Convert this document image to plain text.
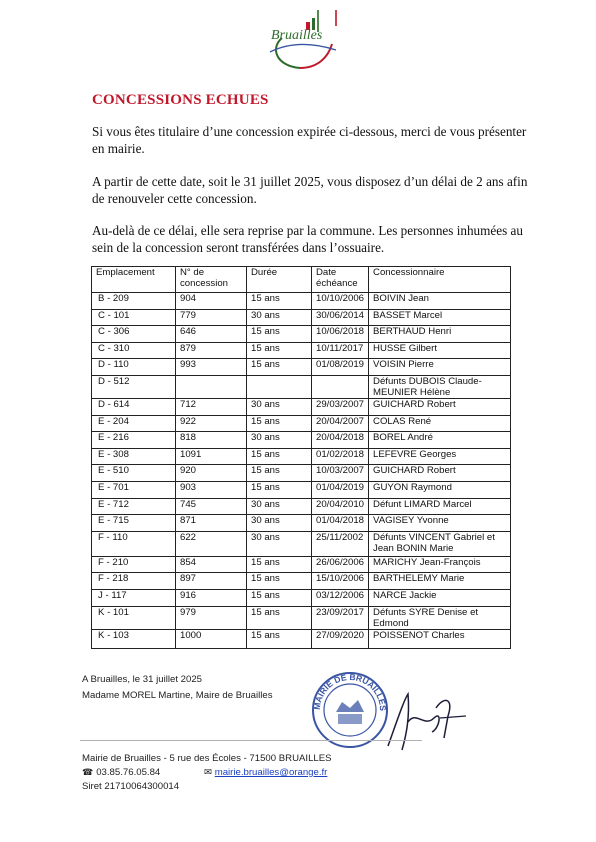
Bruailles
CONCESSIONS ECHUES
Si vous êtes titulaire d’une concession expirée ci-dessous, merci de vous présenter en mairie.
A partir de cette date, soit le 31 juillet 2025, vous disposez d’un délai de 2 ans afin de renouveler cette concession.
Au-delà de ce délai, elle sera reprise par la commune. Les personnes inhumées au sein de la concession seront transférées dans l’ossuaire.
Emplacement	N° de concession	Durée	Date échéance	Concessionnaire
B - 209	904	15 ans	10/10/2006	BOIVIN Jean
C - 101	779	30 ans	30/06/2014	BASSET Marcel
C - 306	646	15 ans	10/06/2018	BERTHAUD Henri
C - 310	879	15 ans	10/11/2017	HUSSE Gilbert
D - 110	993	15 ans	01/08/2019	VOISIN Pierre
D - 512				Défunts DUBOIS Claude-MEUNIER Hélène
D - 614	712	30 ans	29/03/2007	GUICHARD Robert
E - 204	922	15 ans	20/04/2007	COLAS René
E - 216	818	30 ans	20/04/2018	BOREL André
E - 308	1091	15 ans	01/02/2018	LEFEVRE Georges
E - 510	920	15 ans	10/03/2007	GUICHARD Robert
E - 701	903	15 ans	01/04/2019	GUYON Raymond
E - 712	745	30 ans	20/04/2010	Défunt LIMARD Marcel
E - 715	871	30 ans	01/04/2018	VAGISEY Yvonne
F - 110	622	30 ans	25/11/2002	Défunts VINCENT Gabriel et Jean BONIN Marie
F - 210	854	15 ans	26/06/2006	MARICHY Jean-François
F - 218	897	15 ans	15/10/2006	BARTHELEMY Marie
J - 117	916	15 ans	03/12/2006	NARCE Jackie
K - 101	979	15 ans	23/09/2017	Défunts SYRE Denise et Edmond
K - 103	1000	15 ans	27/09/2020	POISSENOT Charles
A Bruailles, le 31 juillet 2025
Madame MOREL Martine, Maire de Bruailles
MAIRIE DE BRUAILLES
Mairie de Bruailles - 5 rue des Écoles - 71500 BRUAILLES
☎ 03.85.76.05.84	✉ mairie.bruailles@orange.fr
Siret 21710064300014
